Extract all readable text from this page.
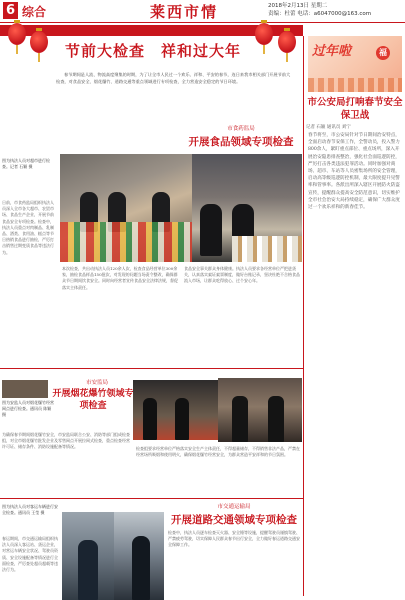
6 综合	莱西市情	2018年2月13日 星期二
责编：杜蕾 电话：a6047000@163.com
节前大检查　祥和过大年
春节期间是人流、物流高度聚集的时期，为了让全市人民过一个欢乐、祥和、平安的春节，连日来我市相关部门开展节前大检查，对食品安全、烟花爆竹、道路交通等重点领域进行专项检查，全力营造安全稳定的节日环境。
市食药监局
开展食品领域专项检查
图为执法人员对超市进行检查。记者 石颖 摄
日前，市食药监局组织执法人员深入全市各大超市、农贸市场、食品生产企业，开展节前食品安全专项检查。检查中，执法人员重点对肉制品、乳制品、酒类、食用油、糕点等节日热销食品进行抽检，严厉打击销售过期变质食品等违法行为。
本次检查，共出动执法人员120余人次，检查食品经营单位300余家，抽检食品样品150批次，对发现的问题当场责令整改，确保群众节日期间饮食安全。同时向经营者宣传食品安全法律法规，督促落实主体责任。
食品安全事关群众身体健康。执法人员要求各经营单位严把进货关，认真落实索证索票制度，做好台账记录，坚决杜绝不合格食品流入市场，让群众吃得放心、过个安心年。
市安监局
开展烟花爆竹领域专项检查
图为安监人员对烟花爆竹经营网点进行检查。通讯员 陈颖 摄
为确保春节期间烟花爆竹安全，市安监局联合公安、消防等部门组成检查组，对全市烟花爆竹批发企业及零售网点开展拉网式检查，重点检查经营许可证、储存条件、消防设施配备等情况。	检查组要求经营单位严格落实安全生产主体责任，不得超量储存，不得销售非法产品，严禁在经营场所吸烟和使用明火，确保烟花爆竹经营安全，为群众营造平安祥和的节日氛围。
市交通运输局
开展道路交通领域专项检查
图为执法人员对客运车辆进行安全检查。通讯员 王莹 摄
春运期间，市交通运输局组织执法人员深入客运站、货运企业，对营运车辆安全状况、驾驶员资质、安全设施配备等情况进行全面检查，严厉查处超员超载等违法行为。
检查中，执法人员逐车检查灭火器、安全锤等设施，提醒驾驶员谨慎驾驶、严禁疲劳驾驶，切实保障人民群众春节出行安全，全力做好春运道路交通安全保障工作。
过年啦	福
市公安局打响春节安全保卫战
记者 石颖 通讯员 刘宁
春节将至，市公安局针对节日期间治安特点，全面启动春节安保工作，全警动员，投入警力800余人，紧盯重点部位、重点场所，深入开展治安隐患排查整治，强化社会面巡逻防控，严厉打击各类违法犯罪活动。同时加强对商场、超市、车站等人员密集场所的安全管理，启动高等级巡逻防控机制，最大限度提升见警率和管事率。各派出所深入辖区开展防火防盗宣传，提醒群众提高安全防范意识，切实维护全市社会治安大局持续稳定，确保广大群众度过一个欢乐祥和的新春佳节。
